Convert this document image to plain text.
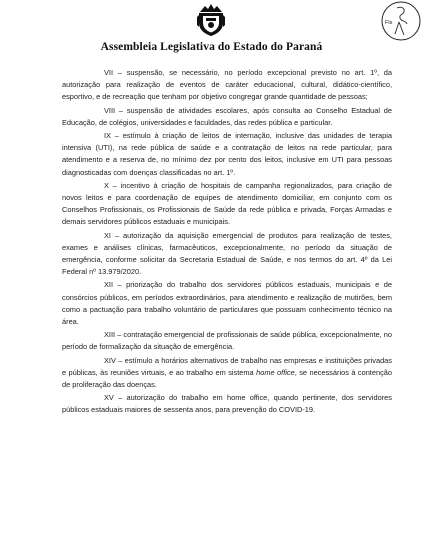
Fls
Assembleia Legislativa do Estado do Paraná

VII – suspensão, se necessário, no período excepcional previsto no art. 1º, da autorização para realização de eventos de caráter educacional, cultural, didático-científico, esportivo, e de recreação que tenham por objetivo congregar grande quantidade de pessoas;

VIII – suspensão de atividades escolares, após consulta ao Conselho Estadual de Educação, de colégios, universidades e faculdades, das redes pública e particular.

IX – estímulo à criação de leitos de internação, inclusive das unidades de terapia intensiva (UTI), na rede pública de saúde e a contratação de leitos na rede particular, para atendimento e a reserva de, no mínimo dez por cento dos leitos, inclusive em UTI para pessoas diagnosticadas com doenças classificadas no art. 1º.

X – incentivo à criação de hospitais de campanha regionalizados, para criação de novos leitos e para coordenação de equipes de atendimento domiciliar, em conjunto com os Conselhos Profissionais, os Profissionais de Saúde da rede pública e privada, Forças Armadas e demais servidores públicos estaduais e municipais.

XI – autorização da aquisição emergencial de produtos para realização de testes, exames e análises clínicas, farmacêuticos, excepcionalmente, no período da situação de emergência, conforme solicitar da Secretaria Estadual de Saúde, e nos termos do art. 4º da Lei Federal nº 13.979/2020.

XII – priorização do trabalho dos servidores públicos estaduais, municipais e de consórcios públicos, em períodos extraordinários, para atendimento e realização de mutirões, bem como a pactuação para trabalho voluntário de particulares que possuam conhecimento técnico na área.

XIII – contratação emergencial de profissionais de saúde pública, excepcionalmente, no período de formalização da situação de emergência.

XIV – estímulo a horários alternativos de trabalho nas empresas e instituições privadas e públicas, às reuniões virtuais, e ao trabalho em sistema home office, se necessários à contenção de proliferação das doenças.

XV – autorização do trabalho em home office, quando pertinente, dos servidores públicos estaduais maiores de sessenta anos, para prevenção do COVID-19.
